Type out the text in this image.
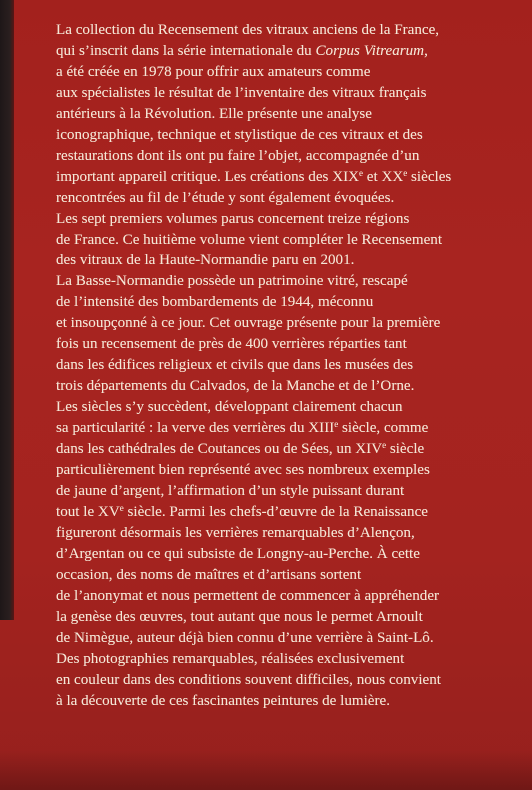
La collection du Recensement des vitraux anciens de la France,
qui s’inscrit dans la série internationale du Corpus Vitrearum,
a été créée en 1978 pour offrir aux amateurs comme
aux spécialistes le résultat de l’inventaire des vitraux français
antérieurs à la Révolution. Elle présente une analyse
iconographique, technique et stylistique de ces vitraux et des
restaurations dont ils ont pu faire l’objet, accompagnée d’un
important appareil critique. Les créations des XIXe et XXe siècles
rencontrées au fil de l’étude y sont également évoquées.
Les sept premiers volumes parus concernent treize régions
de France. Ce huitième volume vient compléter le Recensement
des vitraux de la Haute-Normandie paru en 2001.
La Basse-Normandie possède un patrimoine vitré, rescapé
de l’intensité des bombardements de 1944, méconnu
et insoupçonné à ce jour. Cet ouvrage présente pour la première
fois un recensement de près de 400 verrières réparties tant
dans les édifices religieux et civils que dans les musées des
trois départements du Calvados, de la Manche et de l’Orne.
Les siècles s’y succèdent, développant clairement chacun
sa particularité : la verve des verrières du XIIIe siècle, comme
dans les cathédrales de Coutances ou de Sées, un XIVe siècle
particulièrement bien représenté avec ses nombreux exemples
de jaune d’argent, l’affirmation d’un style puissant durant
tout le XVe siècle. Parmi les chefs-d’œuvre de la Renaissance
figureront désormais les verrières remarquables d’Alençon,
d’Argentan ou ce qui subsiste de Longny-au-Perche. À cette
occasion, des noms de maîtres et d’artisans sortent
de l’anonymat et nous permettent de commencer à appréhender
la genèse des œuvres, tout autant que nous le permet Arnoult
de Nimègue, auteur déjà bien connu d’une verrière à Saint-Lô.
Des photographies remarquables, réalisées exclusivement
en couleur dans des conditions souvent difficiles, nous convient
à la découverte de ces fascinantes peintures de lumière.
